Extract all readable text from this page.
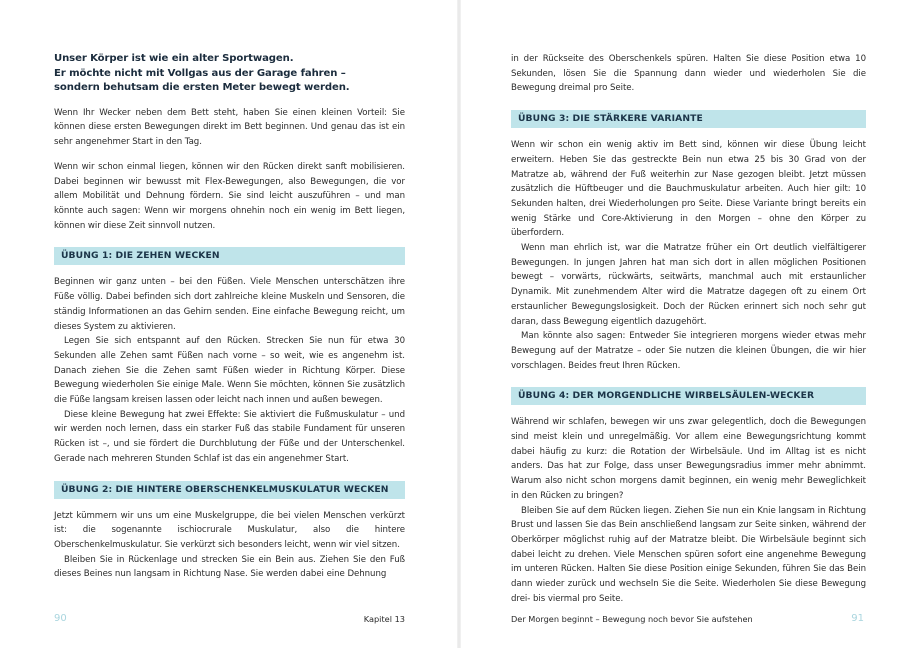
Unser Körper ist wie ein alter Sportwagen.
Er möchte nicht mit Vollgas aus der Garage fahren –
sondern behutsam die ersten Meter bewegt werden.

Wenn Ihr Wecker neben dem Bett steht, haben Sie einen kleinen Vorteil: Sie können diese ersten Bewegungen direkt im Bett beginnen. Und genau das ist ein sehr angenehmer Start in den Tag.

Wenn wir schon einmal liegen, können wir den Rücken direkt sanft mobilisieren. Dabei beginnen wir bewusst mit Flex-Bewegungen, also Bewegungen, die vor allem Mobilität und Dehnung fördern. Sie sind leicht auszuführen – und man könnte auch sagen: Wenn wir morgens ohnehin noch ein wenig im Bett liegen, können wir diese Zeit sinnvoll nutzen.

ÜBUNG 1: DIE ZEHEN WECKEN

Beginnen wir ganz unten – bei den Füßen. Viele Menschen unterschätzen ihre Füße völlig. Dabei befinden sich dort zahlreiche kleine Muskeln und Sensoren, die ständig Informationen an das Gehirn senden. Eine einfache Bewegung reicht, um dieses System zu aktivieren.

Legen Sie sich entspannt auf den Rücken. Strecken Sie nun für etwa 30 Sekunden alle Zehen samt Füßen nach vorne – so weit, wie es angenehm ist. Danach ziehen Sie die Zehen samt Füßen wieder in Richtung Körper. Diese Bewegung wiederholen Sie einige Male. Wenn Sie möchten, können Sie zusätzlich die Füße langsam kreisen lassen oder leicht nach innen und außen bewegen.

Diese kleine Bewegung hat zwei Effekte: Sie aktiviert die Fußmuskulatur – und wir werden noch lernen, dass ein starker Fuß das stabile Fundament für unseren Rücken ist –, und sie fördert die Durchblutung der Füße und der Unterschenkel. Gerade nach mehreren Stunden Schlaf ist das ein angenehmer Start.

ÜBUNG 2: DIE HINTERE OBERSCHENKELMUSKULATUR WECKEN

Jetzt kümmern wir uns um eine Muskelgruppe, die bei vielen Menschen verkürzt ist: die sogenannte ischiocrurale Muskulatur, also die hintere Oberschenkelmuskulatur. Sie verkürzt sich besonders leicht, wenn wir viel sitzen.

Bleiben Sie in Rückenlage und strecken Sie ein Bein aus. Ziehen Sie den Fuß dieses Beines nun langsam in Richtung Nase. Sie werden dabei eine Dehnung

90	Kapitel 13

in der Rückseite des Oberschenkels spüren. Halten Sie diese Position etwa 10 Sekunden, lösen Sie die Spannung dann wieder und wiederholen Sie die Bewegung dreimal pro Seite.

ÜBUNG 3: DIE STÄRKERE VARIANTE

Wenn wir schon ein wenig aktiv im Bett sind, können wir diese Übung leicht erweitern. Heben Sie das gestreckte Bein nun etwa 25 bis 30 Grad von der Matratze ab, während der Fuß weiterhin zur Nase gezogen bleibt. Jetzt müssen zusätzlich die Hüftbeuger und die Bauchmuskulatur arbeiten. Auch hier gilt: 10 Sekunden halten, drei Wiederholungen pro Seite. Diese Variante bringt bereits ein wenig Stärke und Core-Aktivierung in den Morgen – ohne den Körper zu überfordern.

Wenn man ehrlich ist, war die Matratze früher ein Ort deutlich vielfältigerer Bewegungen. In jungen Jahren hat man sich dort in allen möglichen Positionen bewegt – vorwärts, rückwärts, seitwärts, manchmal auch mit erstaunlicher Dynamik. Mit zunehmendem Alter wird die Matratze dagegen oft zu einem Ort erstaunlicher Bewegungslosigkeit. Doch der Rücken erinnert sich noch sehr gut daran, dass Bewegung eigentlich dazugehört.

Man könnte also sagen: Entweder Sie integrieren morgens wieder etwas mehr Bewegung auf der Matratze – oder Sie nutzen die kleinen Übungen, die wir hier vorschlagen. Beides freut Ihren Rücken.

ÜBUNG 4: DER MORGENDLICHE WIRBELSÄULEN-WECKER

Während wir schlafen, bewegen wir uns zwar gelegentlich, doch die Bewegungen sind meist klein und unregelmäßig. Vor allem eine Bewegungsrichtung kommt dabei häufig zu kurz: die Rotation der Wirbelsäule. Und im Alltag ist es nicht anders. Das hat zur Folge, dass unser Bewegungsradius immer mehr abnimmt. Warum also nicht schon morgens damit beginnen, ein wenig mehr Beweglichkeit in den Rücken zu bringen?

Bleiben Sie auf dem Rücken liegen. Ziehen Sie nun ein Knie langsam in Richtung Brust und lassen Sie das Bein anschließend langsam zur Seite sinken, während der Oberkörper möglichst ruhig auf der Matratze bleibt. Die Wirbelsäule beginnt sich dabei leicht zu drehen. Viele Menschen spüren sofort eine angenehme Bewegung im unteren Rücken. Halten Sie diese Position einige Sekunden, führen Sie das Bein dann wieder zurück und wechseln Sie die Seite. Wiederholen Sie diese Bewegung drei- bis viermal pro Seite.

Der Morgen beginnt – Bewegung noch bevor Sie aufstehen	91
